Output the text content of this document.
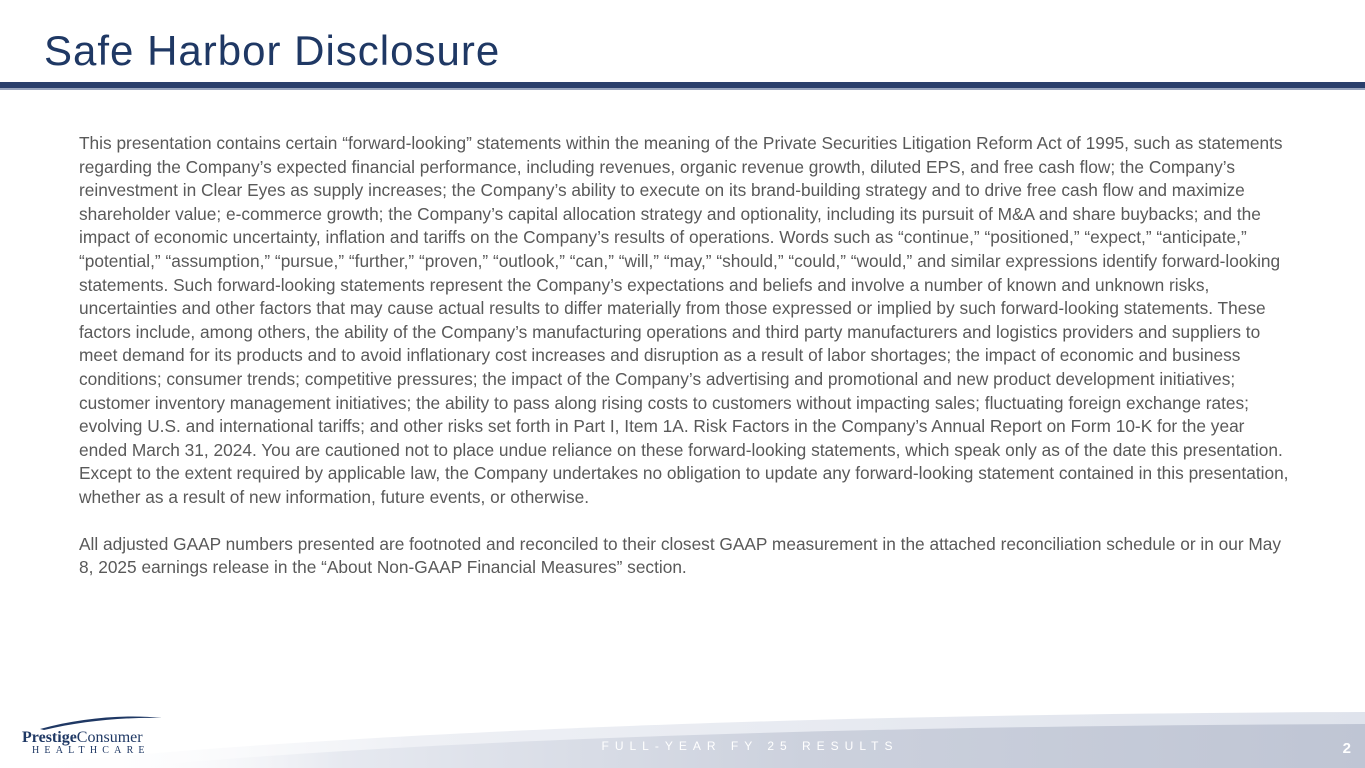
Safe Harbor Disclosure

This presentation contains certain “forward-looking” statements within the meaning of the Private Securities Litigation Reform Act of 1995, such as statements regarding the Company’s expected financial performance, including revenues, organic revenue growth, diluted EPS, and free cash flow; the Company’s reinvestment in Clear Eyes as supply increases; the Company’s ability to execute on its brand-building strategy and to drive free cash flow and maximize shareholder value; e-commerce growth; the Company’s capital allocation strategy and optionality, including its pursuit of M&A and share buybacks; and the impact of economic uncertainty, inflation and tariffs on the Company’s results of operations. Words such as “continue,” “positioned,” “expect,” “anticipate,” “potential,” “assumption,” “pursue,” “further,” “proven,” “outlook,” “can,” “will,” “may,” “should,” “could,” “would,” and similar expressions identify forward-looking statements. Such forward-looking statements represent the Company’s expectations and beliefs and involve a number of known and unknown risks, uncertainties and other factors that may cause actual results to differ materially from those expressed or implied by such forward-looking statements. These factors include, among others, the ability of the Company’s manufacturing operations and third party manufacturers and logistics providers and suppliers to meet demand for its products and to avoid inflationary cost increases and disruption as a result of labor shortages; the impact of economic and business conditions; consumer trends; competitive pressures; the impact of the Company’s advertising and promotional and new product development initiatives; customer inventory management initiatives; the ability to pass along rising costs to customers without impacting sales; fluctuating foreign exchange rates; evolving U.S. and international tariffs; and other risks set forth in Part I, Item 1A. Risk Factors in the Company’s Annual Report on Form 10-K for the year ended March 31, 2024. You are cautioned not to place undue reliance on these forward-looking statements, which speak only as of the date this presentation. Except to the extent required by applicable law, the Company undertakes no obligation to update any forward-looking statement contained in this presentation, whether as a result of new information, future events, or otherwise.

All adjusted GAAP numbers presented are footnoted and reconciled to their closest GAAP measurement in the attached reconciliation schedule or in our May 8, 2025 earnings release in the “About Non-GAAP Financial Measures” section.

PrestigeConsumer
HEALTHCARE	FULL-YEAR FY 25 RESULTS	2
